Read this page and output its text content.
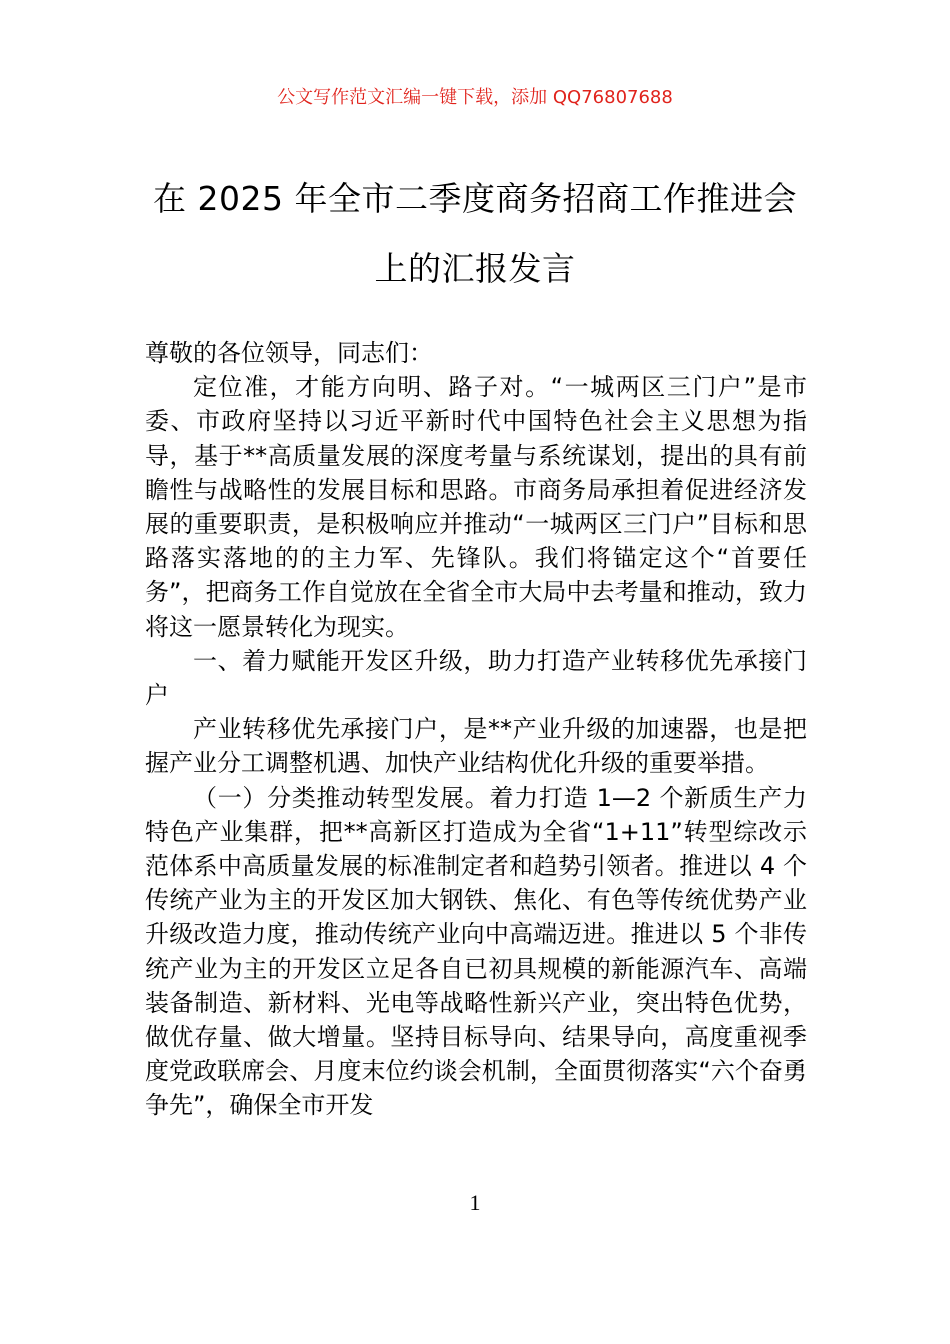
公文写作范文汇编一键下载，添加 QQ76807688
在 2025 年全市二季度商务招商工作推进会
上的汇报发言

尊敬的各位领导，同志们：

定位准，才能方向明、路子对。“一城两区三门户”是市委、市政府坚持以习近平新时代中国特色社会主义思想为指导，基于**高质量发展的深度考量与系统谋划，提出的具有前瞻性与战略性的发展目标和思路。市商务局承担着促进经济发展的重要职责，是积极响应并推动“一城两区三门户”目标和思路落实落地的的主力军、先锋队。我们将锚定这个“首要任务”，把商务工作自觉放在全省全市大局中去考量和推动，致力将这一愿景转化为现实。

一、着力赋能开发区升级，助力打造产业转移优先承接门户

产业转移优先承接门户，是**产业升级的加速器，也是把握产业分工调整机遇、加快产业结构优化升级的重要举措。

（一）分类推动转型发展。着力打造 1—2 个新质生产力特色产业集群，把**高新区打造成为全省“1+11”转型综改示范体系中高质量发展的标准制定者和趋势引领者。推进以 4 个传统产业为主的开发区加大钢铁、焦化、有色等传统优势产业升级改造力度，推动传统产业向中高端迈进。推进以 5 个非传统产业为主的开发区立足各自已初具规模的新能源汽车、高端装备制造、新材料、光电等战略性新兴产业，突出特色优势，做优存量、做大增量。坚持目标导向、结果导向，高度重视季度党政联席会、月度末位约谈会机制，全面贯彻落实“六个奋勇争先”，确保全市开发

1
